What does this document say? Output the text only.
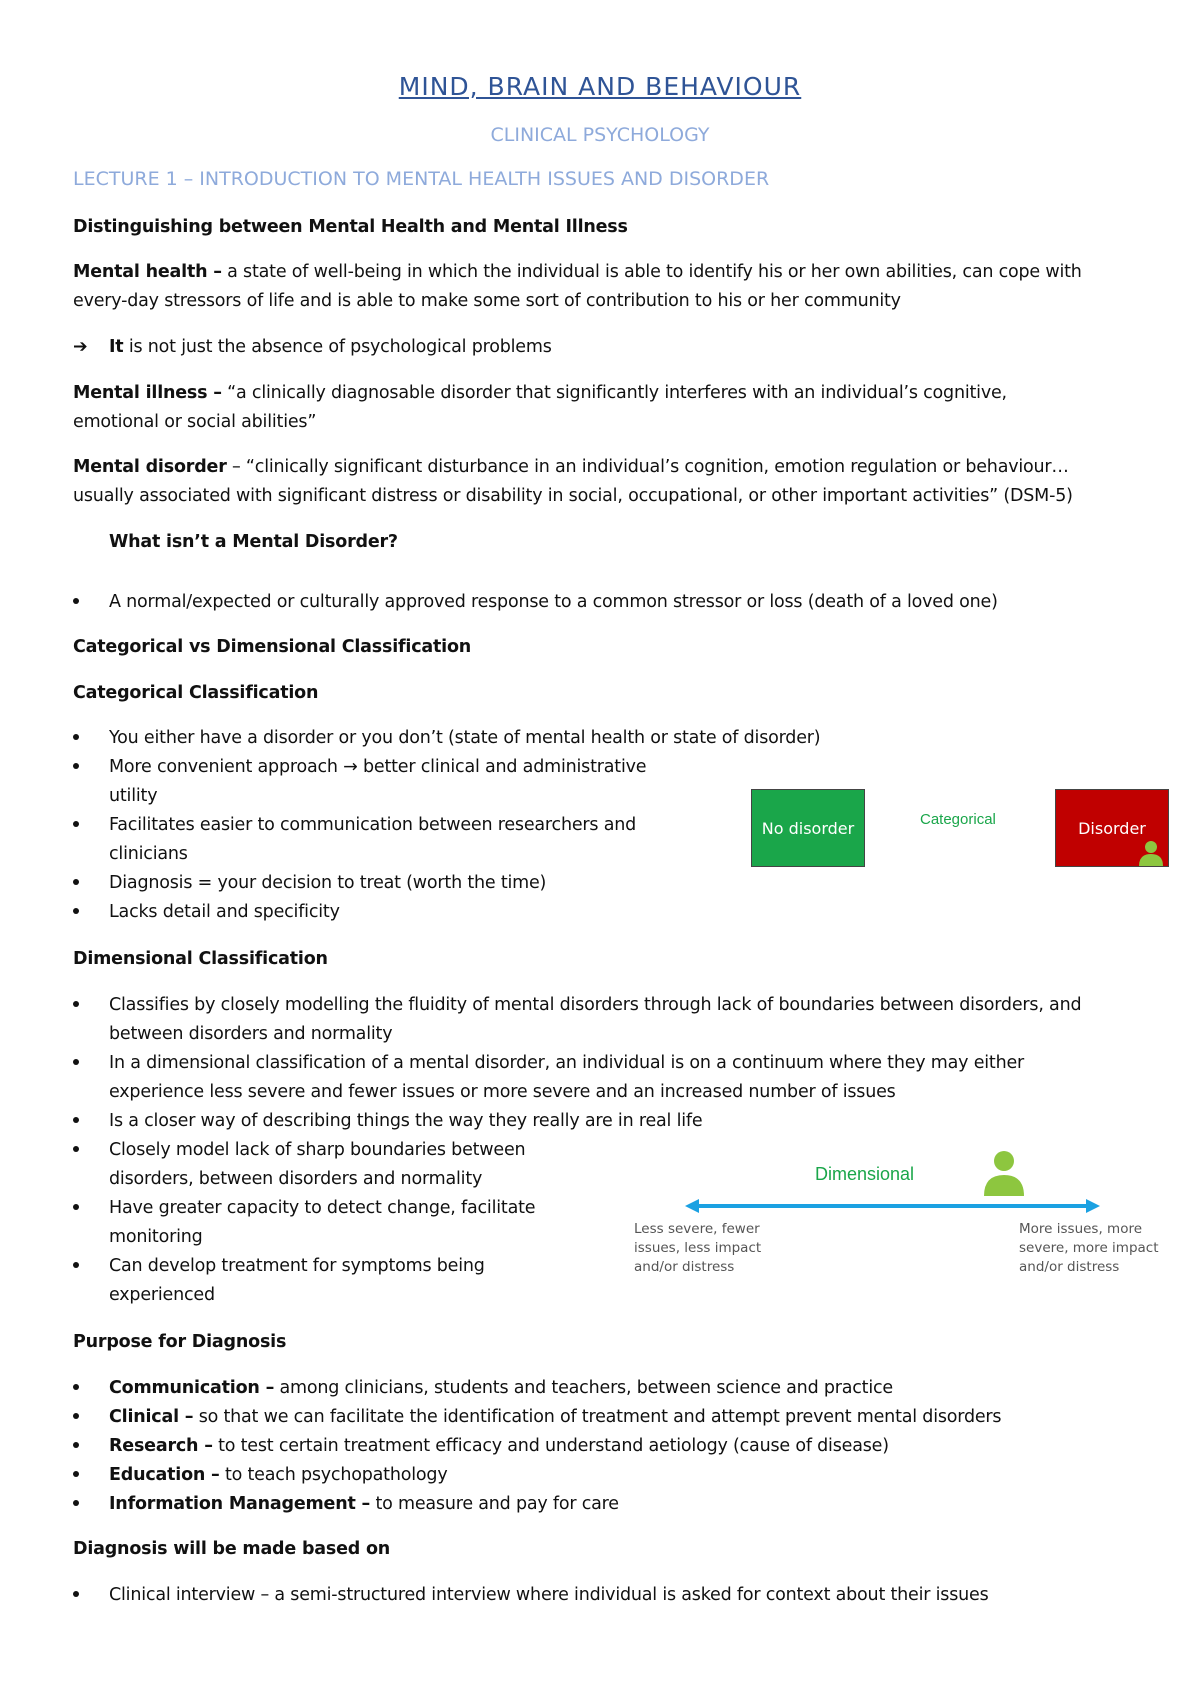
MIND, BRAIN AND BEHAVIOUR
CLINICAL PSYCHOLOGY
LECTURE 1 – INTRODUCTION TO MENTAL HEALTH ISSUES AND DISORDER
Distinguishing between Mental Health and Mental Illness
Mental health – a state of well-being in which the individual is able to identify his or her own abilities, can cope with
every-day stressors of life and is able to make some sort of contribution to his or her community
➔ It is not just the absence of psychological problems
Mental illness – “a clinically diagnosable disorder that significantly interferes with an individual’s cognitive,
emotional or social abilities”
Mental disorder – “clinically significant disturbance in an individual’s cognition, emotion regulation or behaviour…
usually associated with significant distress or disability in social, occupational, or other important activities” (DSM-5)
What isn’t a Mental Disorder?
A normal/expected or culturally approved response to a common stressor or loss (death of a loved one)
Categorical vs Dimensional Classification
Categorical Classification
You either have a disorder or you don’t (state of mental health or state of disorder)
More convenient approach → better clinical and administrative
utility
Facilitates easier to communication between researchers and
clinicians
Diagnosis = your decision to treat (worth the time)
Lacks detail and specificity
No disorder	Categorical	Disorder
Dimensional Classification
Classifies by closely modelling the fluidity of mental disorders through lack of boundaries between disorders, and
between disorders and normality
In a dimensional classification of a mental disorder, an individual is on a continuum where they may either
experience less severe and fewer issues or more severe and an increased number of issues
Is a closer way of describing things the way they really are in real life
Closely model lack of sharp boundaries between
disorders, between disorders and normality
Have greater capacity to detect change, facilitate
monitoring
Can develop treatment for symptoms being
experienced
Dimensional
Less severe, fewer
issues, less impact
and/or distress
More issues, more
severe, more impact
and/or distress
Purpose for Diagnosis
Communication – among clinicians, students and teachers, between science and practice
Clinical – so that we can facilitate the identification of treatment and attempt prevent mental disorders
Research – to test certain treatment efficacy and understand aetiology (cause of disease)
Education – to teach psychopathology
Information Management – to measure and pay for care
Diagnosis will be made based on
Clinical interview – a semi-structured interview where individual is asked for context about their issues
